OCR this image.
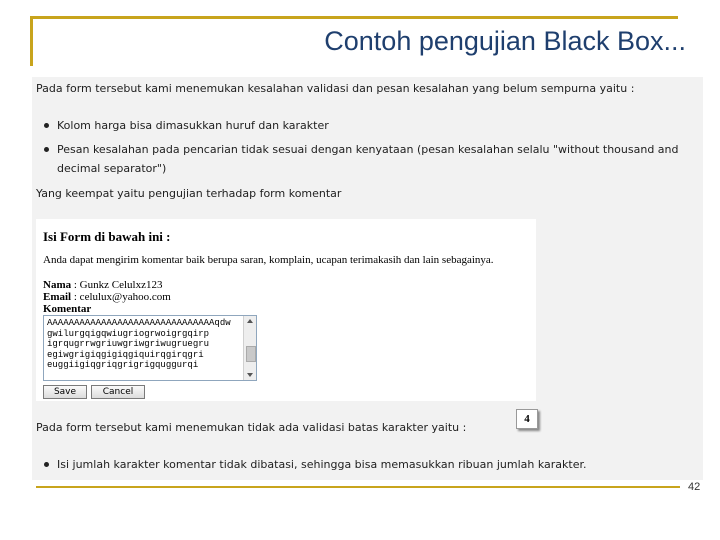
Contoh pengujian Black Box...
Pada form tersebut kami menemukan kesalahan validasi dan pesan kesalahan yang belum sempurna yaitu :
Kolom harga bisa dimasukkan huruf dan karakter
Pesan kesalahan pada pencarian tidak sesuai dengan kenyataan (pesan kesalahan selalu "without thousand and
decimal separator")
Yang keempat yaitu pengujian terhadap form komentar
Isi Form di bawah ini :
Anda dapat mengirim komentar baik berupa saran, komplain, ucapan terimakasih dan lain sebagainya.
Nama : Gunkz Celulxz123
Email : celulux@yahoo.com
Komentar
AAAAAAAAAAAAAAAAAAAAAAAAAAAAAAAqdw
gwilurgqigqwiugriogrwoigrgqirp
igrqugrrwgriuwgriwgriwugruegru
egiwgrigiqgigiqgiquirqgirqgri
euggiigiqgriqgrigrigquggurqi
Save	Cancel
4
Pada form tersebut kami menemukan tidak ada validasi batas karakter yaitu :
Isi jumlah karakter komentar tidak dibatasi, sehingga bisa memasukkan ribuan jumlah karakter.
42
